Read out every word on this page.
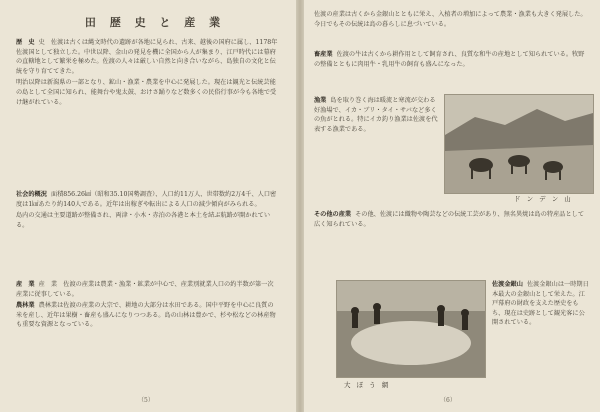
田 歴 史 と 産 業

歴　史 史　佐渡は古くは縄文時代の遺跡が各地に見られ、古来、越後の国府に属し、1178年佐渡国として独立した。中世以降、金山の発見を機に全国から人が集まり、江戸時代には幕府の直轄地として繁栄を極めた。佐渡の人々は厳しい自然と向き合いながら、島独自の文化と伝統を守り育ててきた。

明治以降は新潟県の一部となり、鉱山・漁業・農業を中心に発展した。現在は観光と伝統芸能の島として全国に知られ、能舞台や鬼太鼓、おけさ踊りなど数多くの民俗行事が今も各地で受け継がれている。

社会的概況 面積856.26㎢（昭和35.10国勢調査）、人口約11万人、世帯数約2万4千、人口密度は1㎢あたり約140人である。近年は出稼ぎや転出による人口の減少傾向がみられる。

島内の交通は主要道路が整備され、両津・小木・赤泊の各港と本土を結ぶ航路が開かれている。

産　業 産　業　佐渡の産業は農業・漁業・鉱業が中心で、産業別就業人口の約半数が第一次産業に従事している。

農林業 農林業は佐渡の産業の大宗で、耕地の大部分は水田である。国中平野を中心に良質の米を産し、近年は果樹・畜産も盛んになりつつある。島の山林は豊かで、杉や松などの林産物も重要な資源となっている。

（5）

佐渡の産業は古くから金銀山とともに栄え、入植者の増加によって農業・漁業も大きく発展した。今日でもその伝統は島の暮らしに息づいている。

畜産業 佐渡の牛は古くから耕作用として飼育され、良質な和牛の産地として知られている。牧野の整備とともに肉用牛・乳用牛の飼育も盛んになった。

漁業 島を取り巻く海は暖流と寒流が交わる好漁場で、イカ・ブリ・タイ・サバなど多くの魚がとれる。特にイカ釣り漁業は佐渡を代表する漁業である。

ド ン デ ン 山

その他の産業 その他、佐渡には織物や陶芸などの伝統工芸があり、無名異焼は島の特産品として広く知られている。

大 ぼ う 網

佐渡金銀山 佐渡金銀山は一時期日本最大の金銀山として栄えた。江戸幕府の財政を支えた歴史をもち、現在は史跡として観光客に公開されている。

（6）
